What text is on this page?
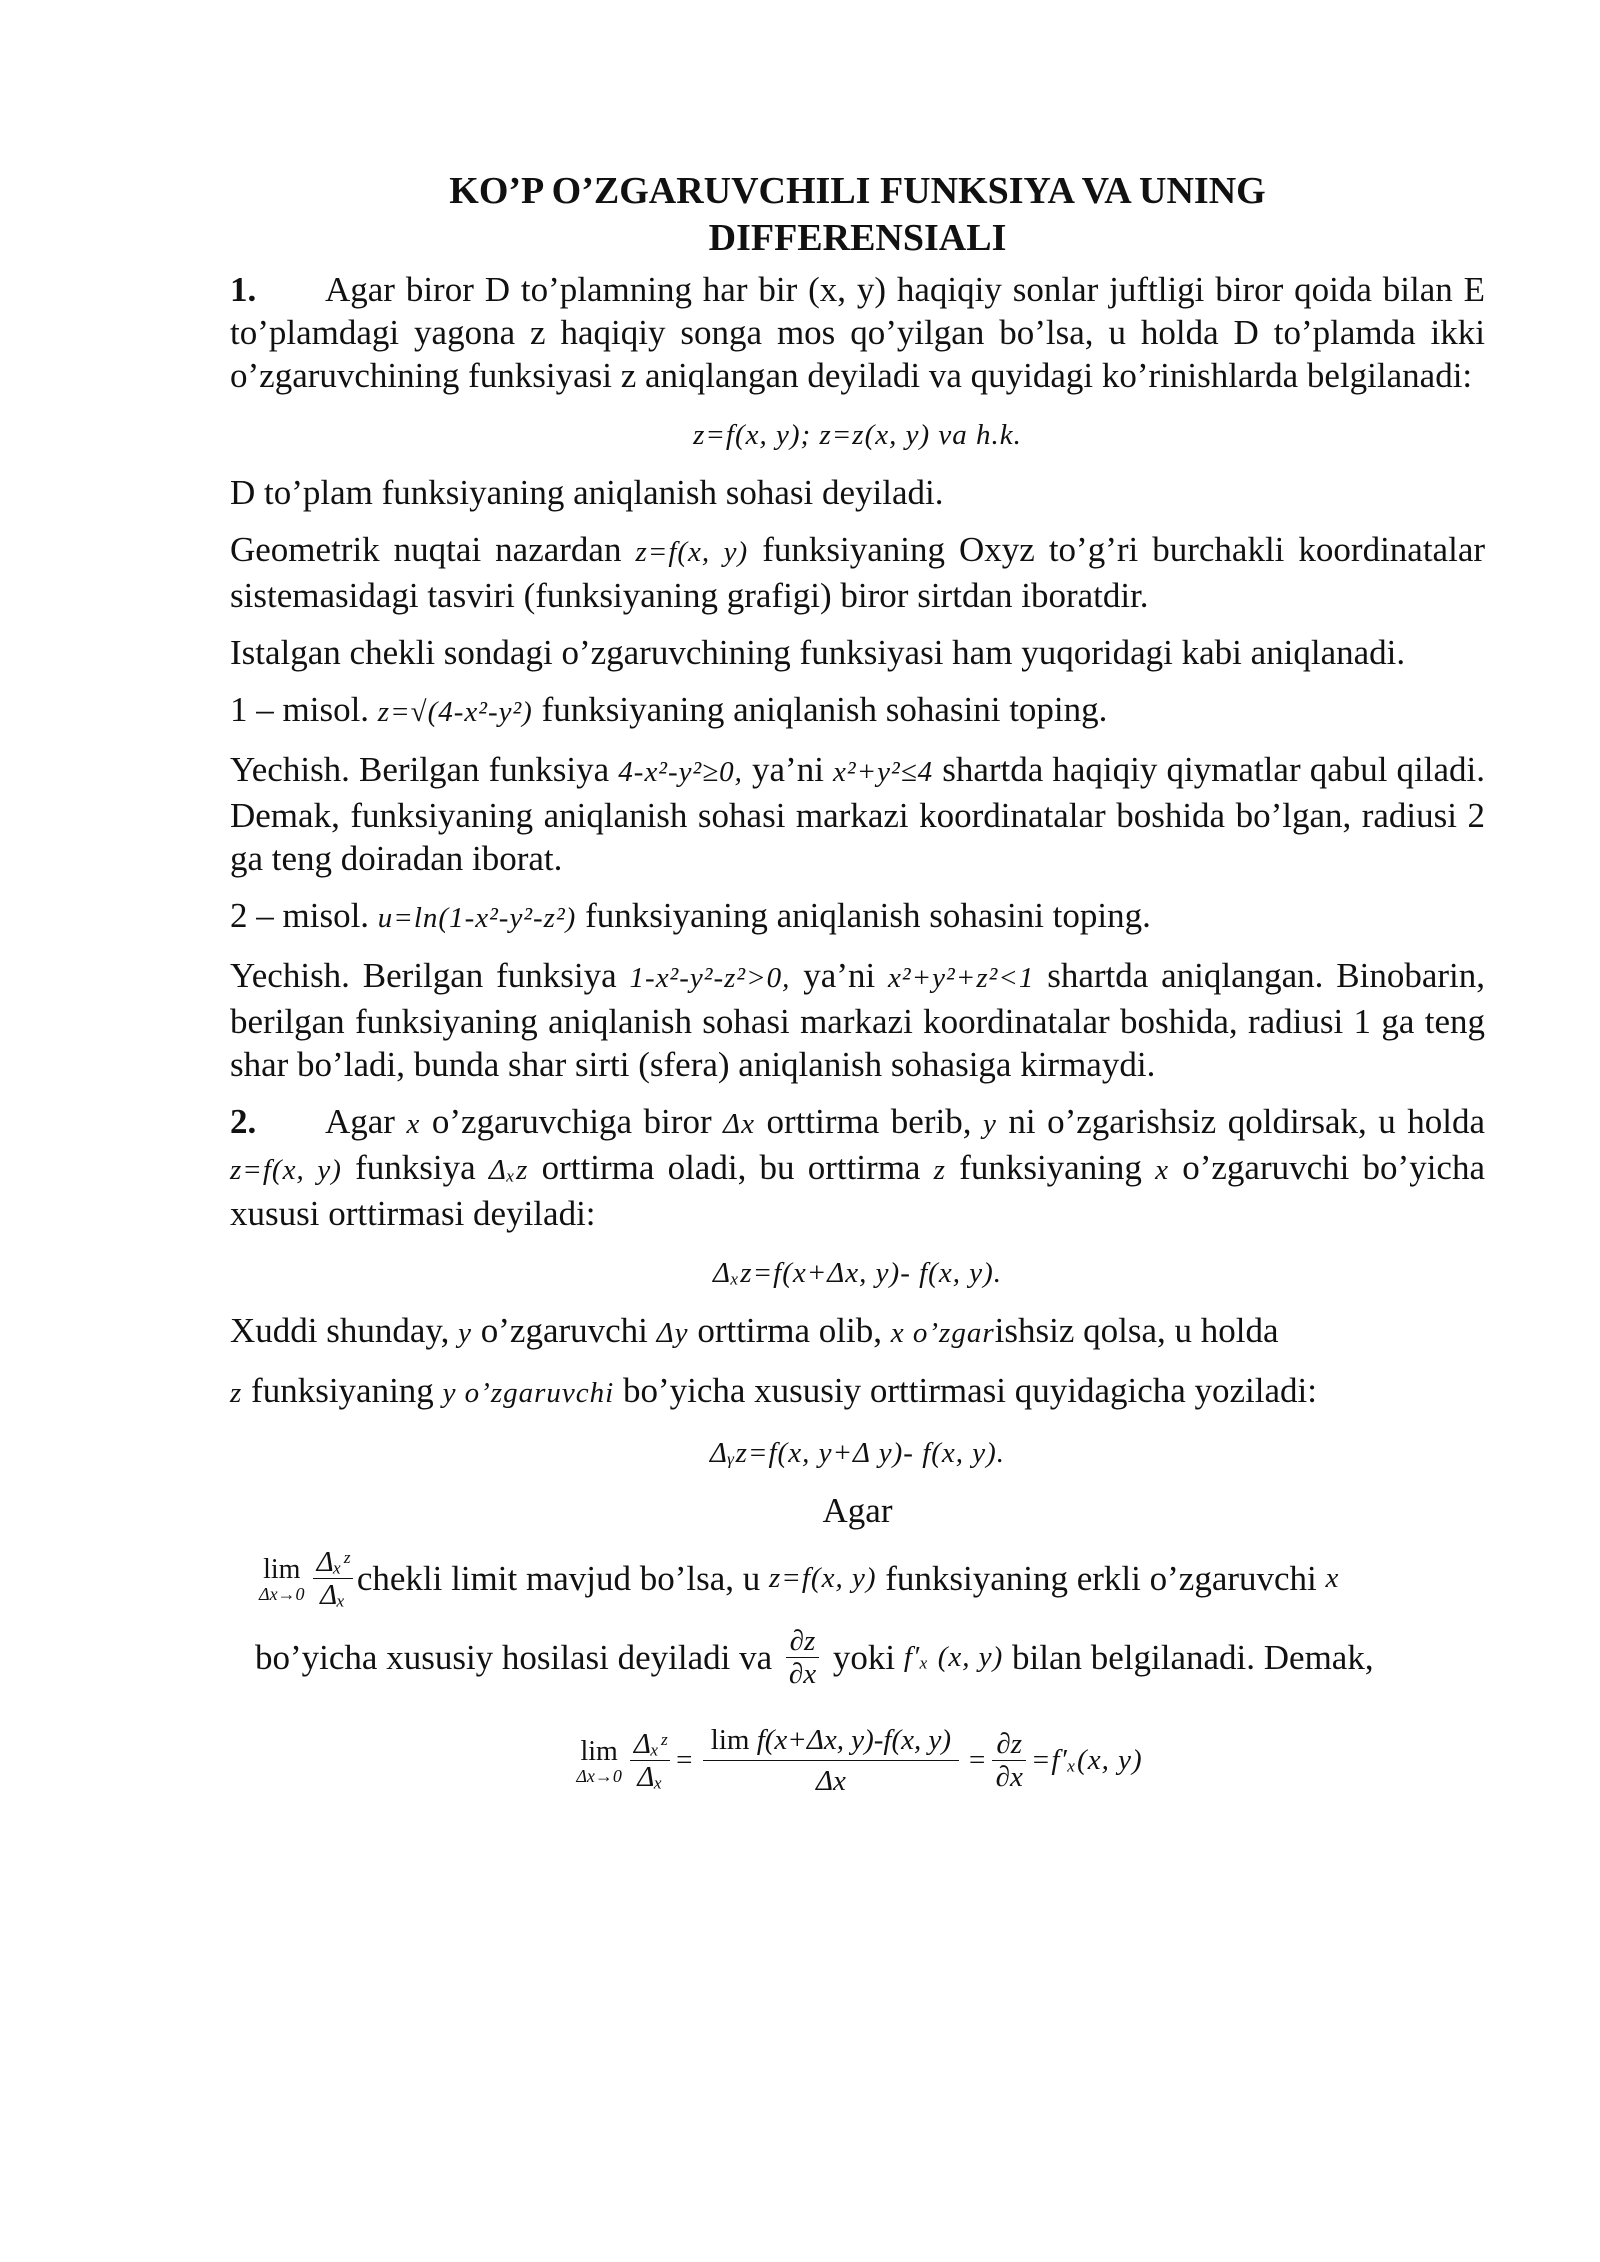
KO’P O’ZGARUVCHILI FUNKSIYA VA UNING
DIFFERENSIALI

1. Agar biror D to’plamning har bir (x, y) haqiqiy sonlar juftligi biror qoida bilan E to’plamdagi yagona z haqiqiy songa mos qo’yilgan bo’lsa, u holda D to’plamda ikki o’zgaruvchining funksiyasi z aniqlangan deyiladi va quyidagi ko’rinishlarda belgilanadi:

z=f(x, y); z=z(x, y) va h.k.

D to’plam funksiyaning aniqlanish sohasi deyiladi.

Geometrik nuqtai nazardan z=f(x, y) funksiyaning Oxyz to’g’ri burchakli koordinatalar sistemasidagi tasviri (funksiyaning grafigi) biror sirtdan iboratdir.

Istalgan chekli sondagi o’zgaruvchining funksiyasi ham yuqoridagi kabi aniqlanadi.

1 – misol. z=√(4-x²-y²) funksiyaning aniqlanish sohasini toping.

Yechish. Berilgan funksiya 4-x²-y²≥0, ya’ni x²+y²≤4 shartda haqiqiy qiymatlar qabul qiladi. Demak, funksiyaning aniqlanish sohasi markazi koordinatalar boshida bo’lgan, radiusi 2 ga teng doiradan iborat.

2 – misol. u=ln(1-x²-y²-z²) funksiyaning aniqlanish sohasini toping.

Yechish. Berilgan funksiya 1-x²-y²-z²>0, ya’ni x²+y²+z²<1 shartda aniqlangan. Binobarin, berilgan funksiyaning aniqlanish sohasi markazi koordinatalar boshida, radiusi 1 ga teng shar bo’ladi, bunda shar sirti (sfera) aniqlanish sohasiga kirmaydi.

2. Agar x o’zgaruvchiga biror Δx orttirma berib, y ni o’zgarishsiz qoldirsak, u holda z=f(x, y) funksiya Δₓz orttirma oladi, bu orttirma z funksiyaning x o’zgaruvchi bo’yicha xususi orttirmasi deyiladi:

Δₓz=f(x+Δx, y)- f(x, y).

Xuddi shunday, y o’zgaruvchi Δy orttirma olib, x o’zgarishsiz qolsa, u holda

z funksiyaning y o’zgaruvchi bo’yicha xususiy orttirmasi quyidagicha yoziladi:

Δᵧz=f(x, y+Δ y)- f(x, y).
Agar
lim
$\Delta x\to 0 \frac{\text{Δₓᶻ}}{\text{Δₓ}}$ chekli limit mavjud bo’lsa, u
z=f(x, y)
funksiyaning erkli o’zgaruvchi
x
bo’yicha xususiy hosilasi deyiladi va
$\frac{\partial z}{\partial x}$
yoki
f′ₓ (x, y)
bilan belgilanadi. Demak,
lim
$\Delta x\to 0 \frac{\text{Δₓᶻ}}{\text{Δₓ}} = \frac{\text{lim f(x+Δx, y)-f(x, y)}}{\Delta x} = \frac{\partial z}{\partial x} =f'_x(x$, y)
